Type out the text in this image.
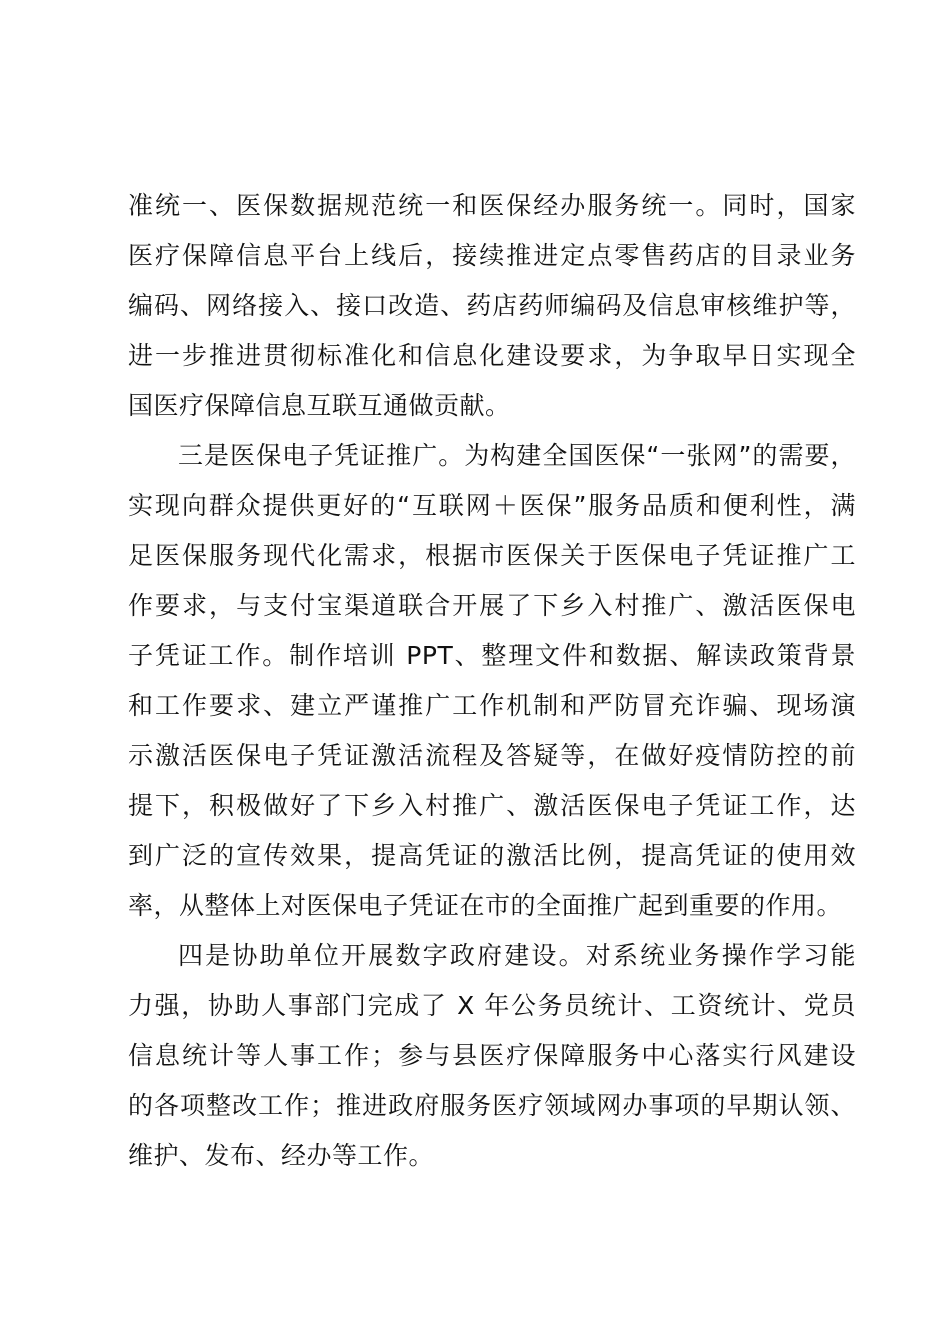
准统一、医保数据规范统一和医保经办服务统一。同时，国家
医疗保障信息平台上线后，接续推进定点零售药店的目录业务
编码、网络接入、接口改造、药店药师编码及信息审核维护等，
进一步推进贯彻标准化和信息化建设要求，为争取早日实现全
国医疗保障信息互联互通做贡献。
三是医保电子凭证推广。为构建全国医保“一张网”的需要，
实现向群众提供更好的“互联网＋医保”服务品质和便利性，满
足医保服务现代化需求，根据市医保关于医保电子凭证推广工
作要求，与支付宝渠道联合开展了下乡入村推广、激活医保电
子凭证工作。制作培训 PPT、整理文件和数据、解读政策背景
和工作要求、建立严谨推广工作机制和严防冒充诈骗、现场演
示激活医保电子凭证激活流程及答疑等，在做好疫情防控的前
提下，积极做好了下乡入村推广、激活医保电子凭证工作，达
到广泛的宣传效果，提高凭证的激活比例，提高凭证的使用效
率，从整体上对医保电子凭证在市的全面推广起到重要的作用。
四是协助单位开展数字政府建设。对系统业务操作学习能
力强，协助人事部门完成了 X 年公务员统计、工资统计、党员
信息统计等人事工作；参与县医疗保障服务中心落实行风建设
的各项整改工作；推进政府服务医疗领域网办事项的早期认领、
维护、发布、经办等工作。
